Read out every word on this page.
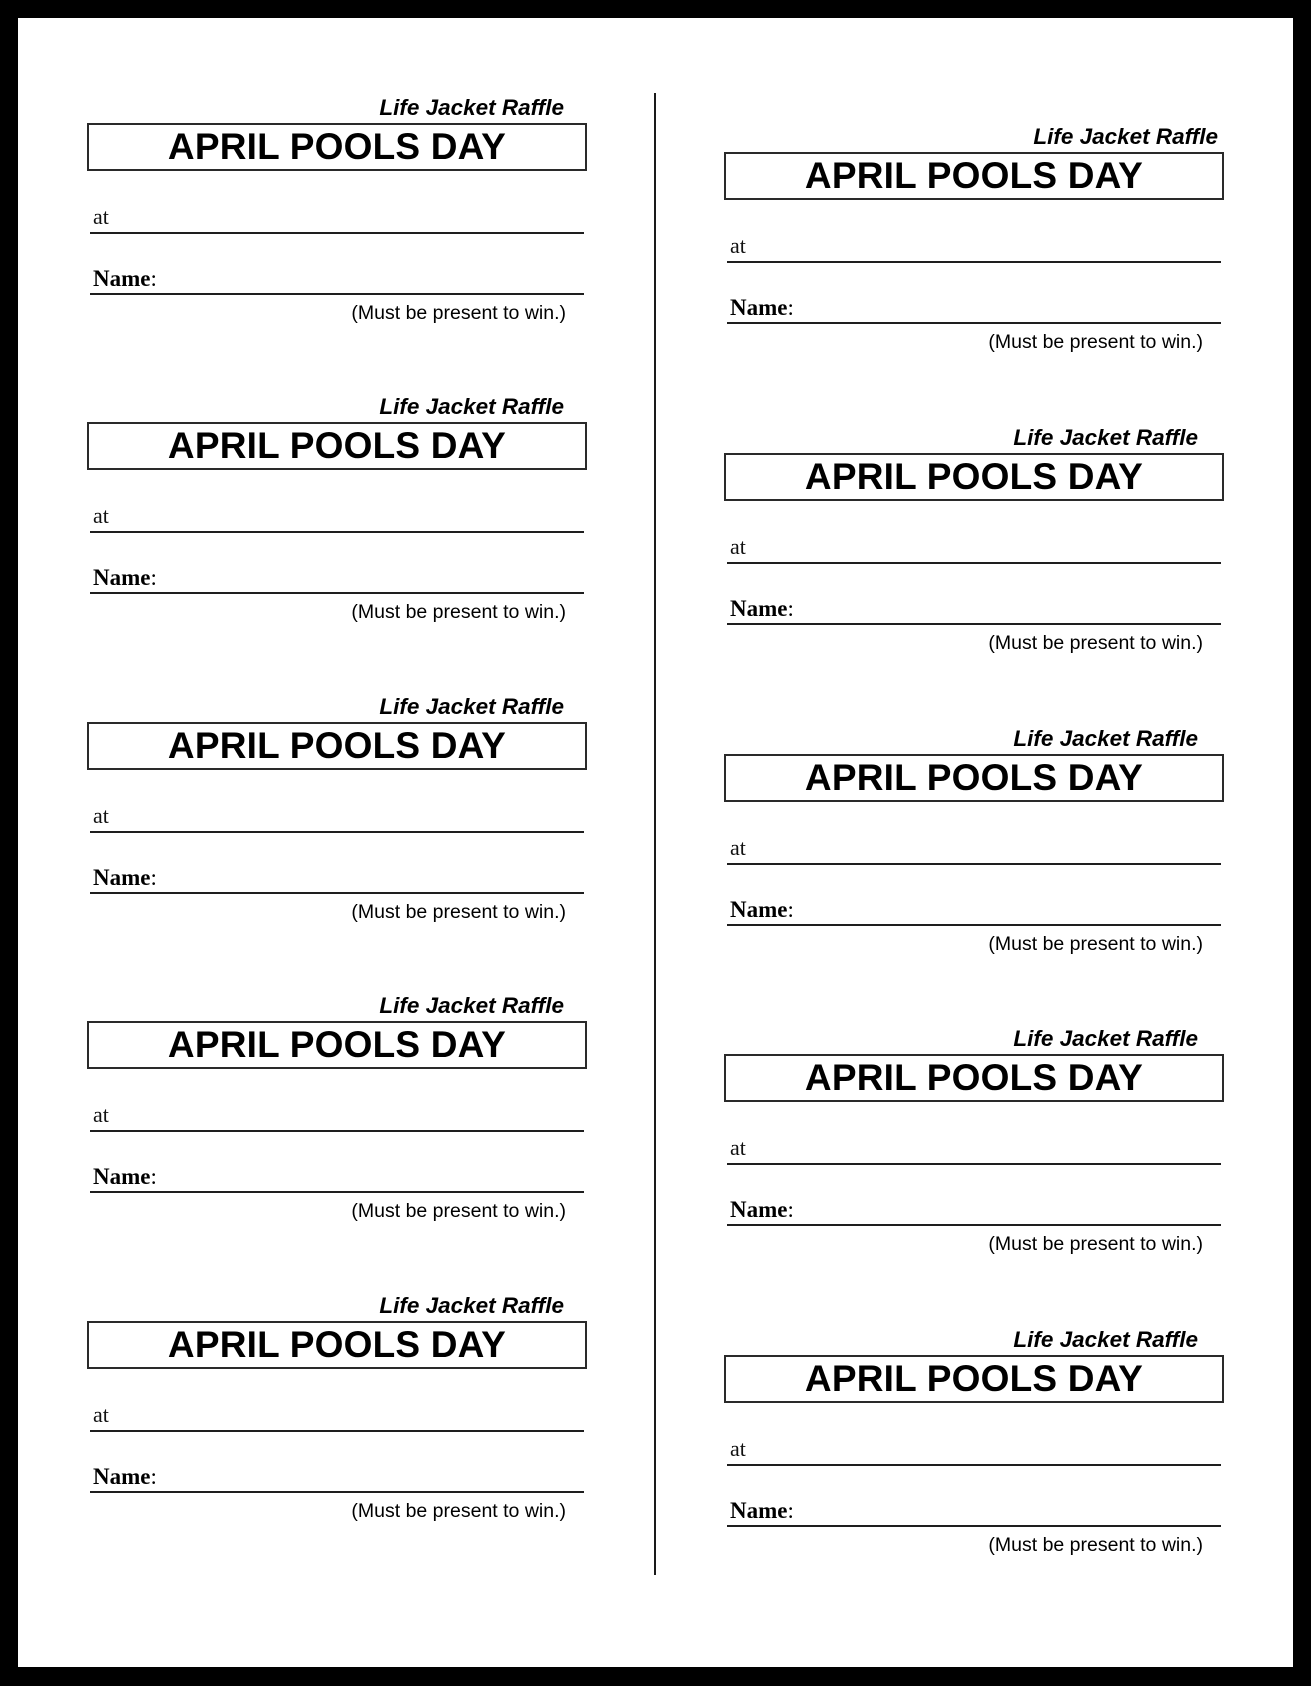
Life Jacket Raffle
APRIL POOLS DAY
at
Name:
(Must be present to win.)
Life Jacket Raffle
APRIL POOLS DAY
at
Name:
(Must be present to win.)
Life Jacket Raffle
APRIL POOLS DAY
at
Name:
(Must be present to win.)
Life Jacket Raffle
APRIL POOLS DAY
at
Name:
(Must be present to win.)
Life Jacket Raffle
APRIL POOLS DAY
at
Name:
(Must be present to win.)
Life Jacket Raffle
APRIL POOLS DAY
at
Name:
(Must be present to win.)
Life Jacket Raffle
APRIL POOLS DAY
at
Name:
(Must be present to win.)
Life Jacket Raffle
APRIL POOLS DAY
at
Name:
(Must be present to win.)
Life Jacket Raffle
APRIL POOLS DAY
at
Name:
(Must be present to win.)
Life Jacket Raffle
APRIL POOLS DAY
at
Name:
(Must be present to win.)
